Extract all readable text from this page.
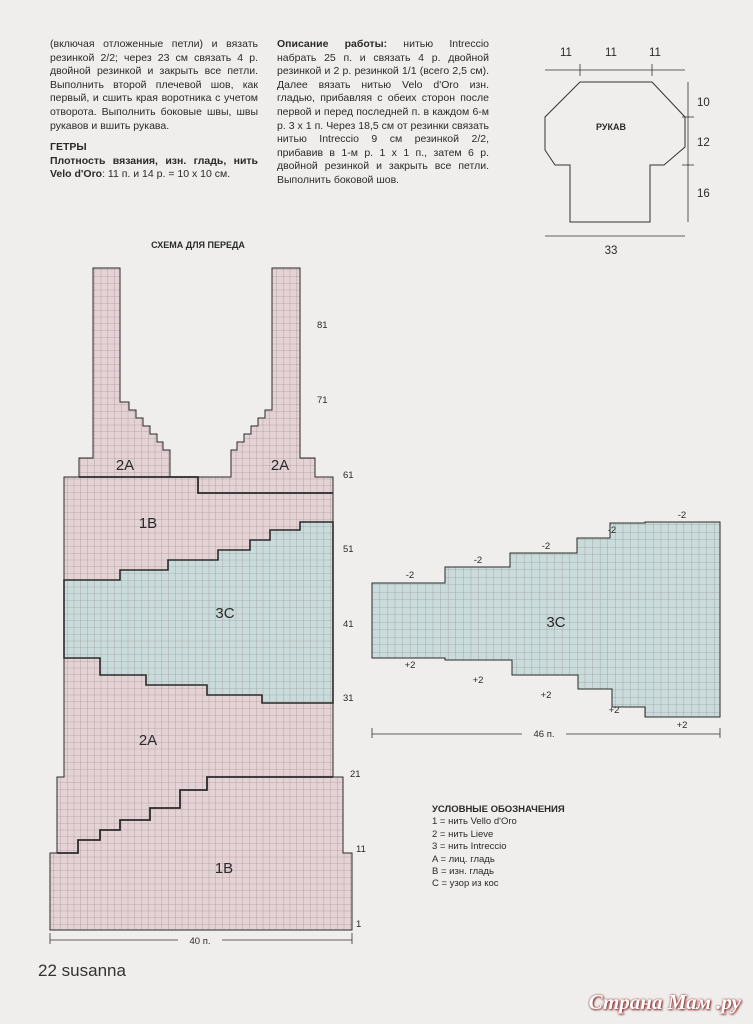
(включая отложенные петли) и вязать резинкой 2/2; через 23 см связать 4 р. двойной резинкой и закрыть все петли. Выполнить второй плечевой шов, как первый, и сшить края воротника с учетом отворота. Выполнить боковые швы, швы рукавов и вшить рукава.

ГЕТРЫ

Плотность вязания, изн. гладь, нить Velo d'Oro: 11 п. и 14 р. = 10 х 10 см.

Описание работы: нитью Intreccio набрать 25 п. и связать 4 р. двойной резинкой и 2 р. резинкой 1/1 (всего 2,5 см). Далее вязать нитью Velo d'Oro изн. гладью, прибавляя с обеих сторон после первой и перед последней п. в каждом 6-м р. 3 х 1 п. Через 18,5 см от резинки связать нитью Intreccio 9 см резинкой 2/2, прибавив в 1-м р. 1 х 1 п., затем 6 р. двойной резинкой и закрыть все петли. Выполнить боковой шов.

11	11	11
10
12
16
33
РУКАВ
СХЕМА ДЛЯ ПЕРЕДА
2A	2A
1B
3C
2A
1B
81
71
61
51
41
31
21
11
1
40 п.
-2
-2
-2
-2
-2
+2
+2
+2
+2
+2
3C
46 п.
УСЛОВНЫЕ ОБОЗНАЧЕНИЯ
1 = нить Vello d'Oro
2 = нить Lieve
3 = нить Intreccio
A = лиц. гладь
B = изн. гладь
C = узор из кос
22 susanna
Страна Мам .ру
